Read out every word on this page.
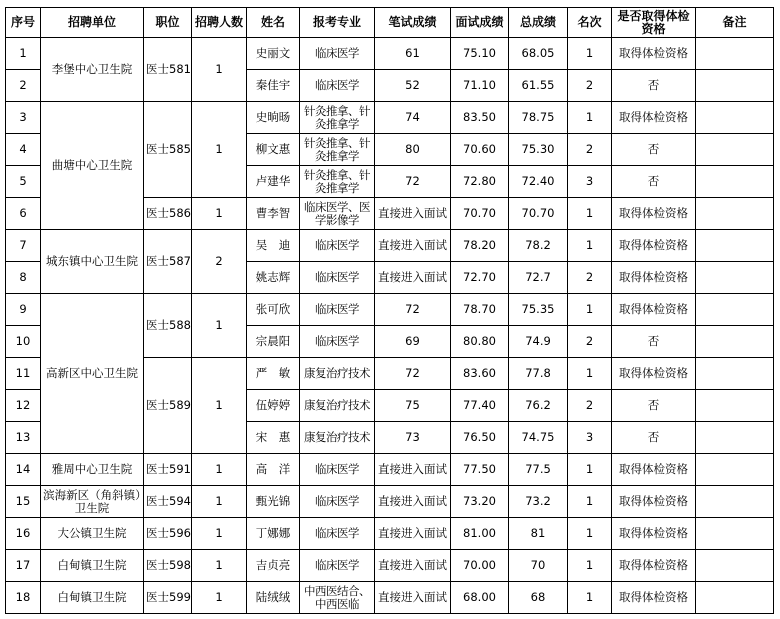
序号	招聘单位	职位	招聘人数	姓名	报考专业	笔试成绩	面试成绩	总成绩	名次	是否取得体检资格	备注
1	李堡中心卫生院	医士581	1	史丽文	临床医学	61	75.10	68.05	1	取得体检资格	
2				秦佳宇	临床医学	52	71.10	61.55	2	否	
3	曲塘中心卫生院	医士585	1	史晌旸	针灸推拿、针灸推拿学	74	83.50	78.75	1	取得体检资格	
4				柳文惠	针灸推拿、针灸推拿学	80	70.60	75.30	2	否	
5				卢建华	针灸推拿、针灸推拿学	72	72.80	72.40	3	否	
6		医士586	1	曹李智	临床医学、医学影像学	直接进入面试	70.70	70.70	1	取得体检资格	
7	城东镇中心卫生院	医士587	2	吴　迪	临床医学	直接进入面试	78.20	78.2	1	取得体检资格	
8				姚志辉	临床医学	直接进入面试	72.70	72.7	2	取得体检资格	
9	高新区中心卫生院	医士588	1	张可欣	临床医学	72	78.70	75.35	1	取得体检资格	
10				宗晨阳	临床医学	69	80.80	74.9	2	否	
11		医士589	1	严　敏	康复治疗技术	72	83.60	77.8	1	取得体检资格	
12				伍婷婷	康复治疗技术	75	77.40	76.2	2	否	
13				宋　惠	康复治疗技术	73	76.50	74.75	3	否	
14	雅周中心卫生院	医士591	1	高　洋	临床医学	直接进入面试	77.50	77.5	1	取得体检资格	
15	滨海新区（角斜镇）卫生院	医士594	1	甄光锦	临床医学	直接进入面试	73.20	73.2	1	取得体检资格	
16	大公镇卫生院	医士596	1	丁娜娜	临床医学	直接进入面试	81.00	81	1	取得体检资格	
17	白甸镇卫生院	医士598	1	吉贞亮	临床医学	直接进入面试	70.00	70	1	取得体检资格	
18	白甸镇卫生院	医士599	1	陆绒绒	中西医结合、中西医临	直接进入面试	68.00	68	1	取得体检资格	
